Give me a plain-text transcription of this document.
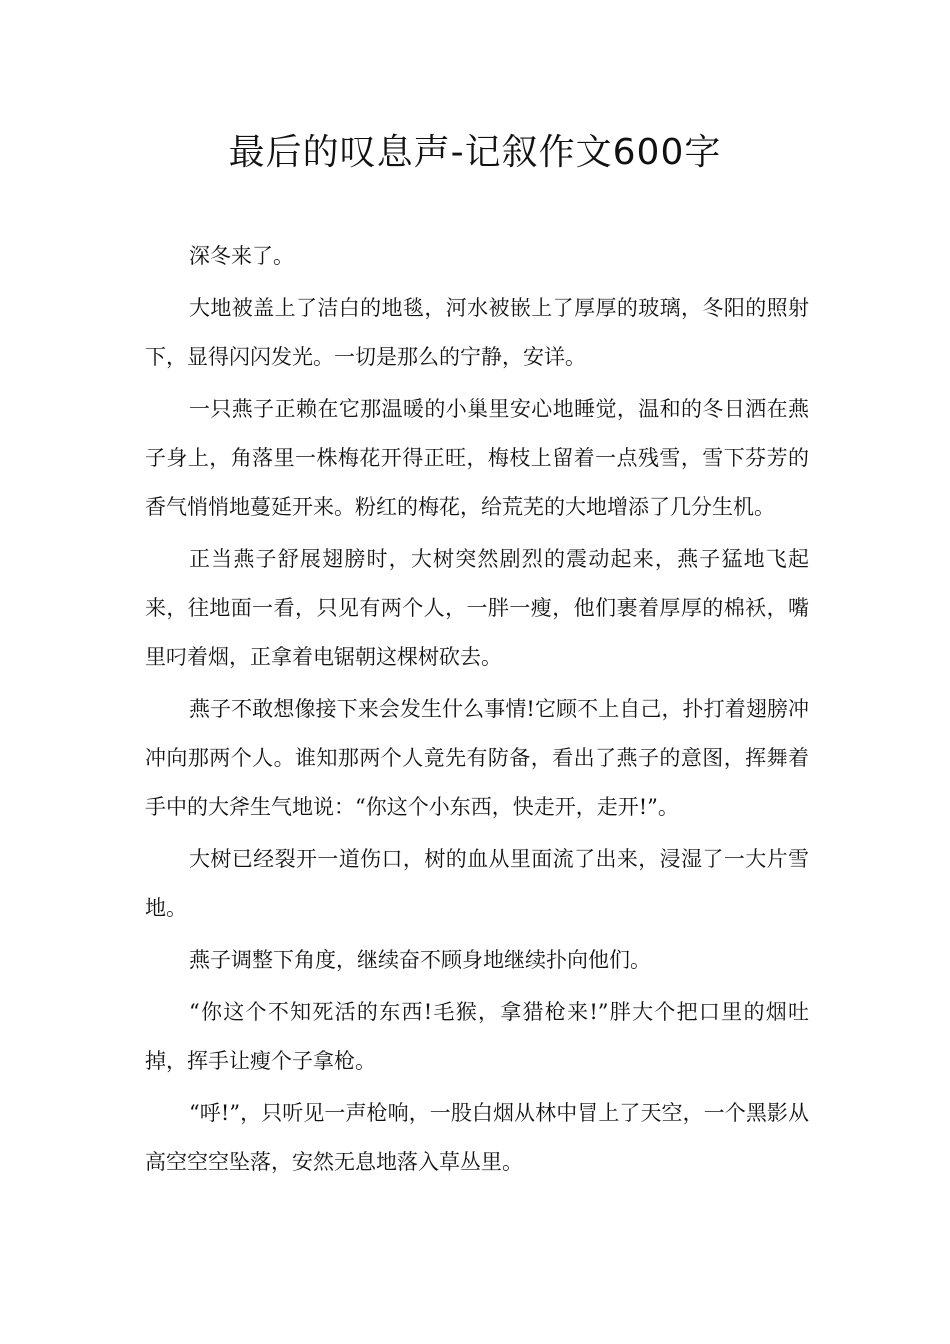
最后的叹息声-记叙作文600字

深冬来了。

大地被盖上了洁白的地毯，河水被嵌上了厚厚的玻璃，冬阳的照射下，显得闪闪发光。一切是那么的宁静，安详。

一只燕子正赖在它那温暖的小巢里安心地睡觉，温和的冬日洒在燕子身上，角落里一株梅花开得正旺，梅枝上留着一点残雪，雪下芬芳的香气悄悄地蔓延开来。粉红的梅花，给荒芜的大地增添了几分生机。

正当燕子舒展翅膀时，大树突然剧烈的震动起来，燕子猛地飞起来，往地面一看，只见有两个人，一胖一瘦，他们裹着厚厚的棉袄，嘴里叼着烟，正拿着电锯朝这棵树砍去。

燕子不敢想像接下来会发生什么事情!它顾不上自己，扑打着翅膀冲冲向那两个人。谁知那两个人竟先有防备，看出了燕子的意图，挥舞着手中的大斧生气地说：“你这个小东西，快走开，走开!”。

大树已经裂开一道伤口，树的血从里面流了出来，浸湿了一大片雪地。

燕子调整下角度，继续奋不顾身地继续扑向他们。

“你这个不知死活的东西!毛猴，拿猎枪来!”胖大个把口里的烟吐掉，挥手让瘦个子拿枪。

“呼!”，只听见一声枪响，一股白烟从林中冒上了天空，一个黑影从高空空空坠落，安然无息地落入草丛里。
